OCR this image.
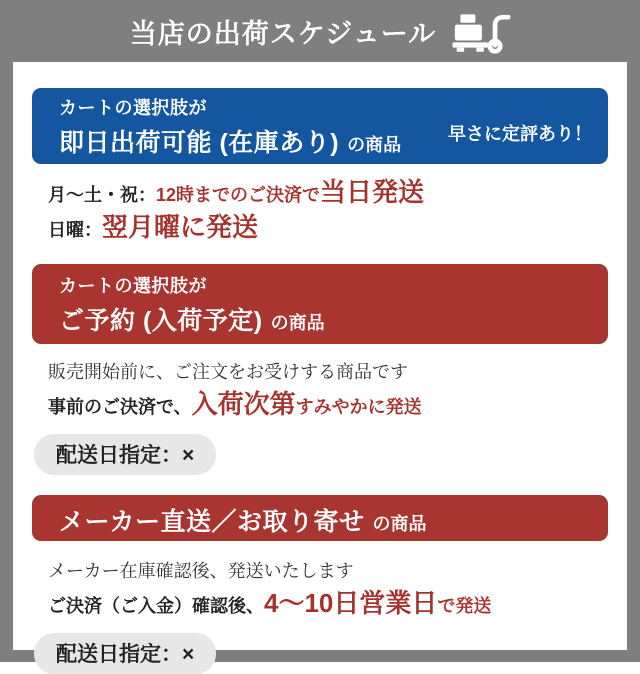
当店の出荷スケジュール
カートの選択肢が
即日出荷可能 (在庫あり) の商品
早さに定評あり！

月〜土・祝：12時までのご決済で当日発送

日曜：翌月曜に発送

カートの選択肢が
ご予約 (入荷予定) の商品

販売開始前に、ご注文をお受けする商品です

事前のご決済で、入荷次第すみやかに発送

配送日指定：×
メーカー直送／お取り寄せ の商品

メーカー在庫確認後、発送いたします

ご決済（ご入金）確認後、4〜10日営業日で発送

配送日指定：×
